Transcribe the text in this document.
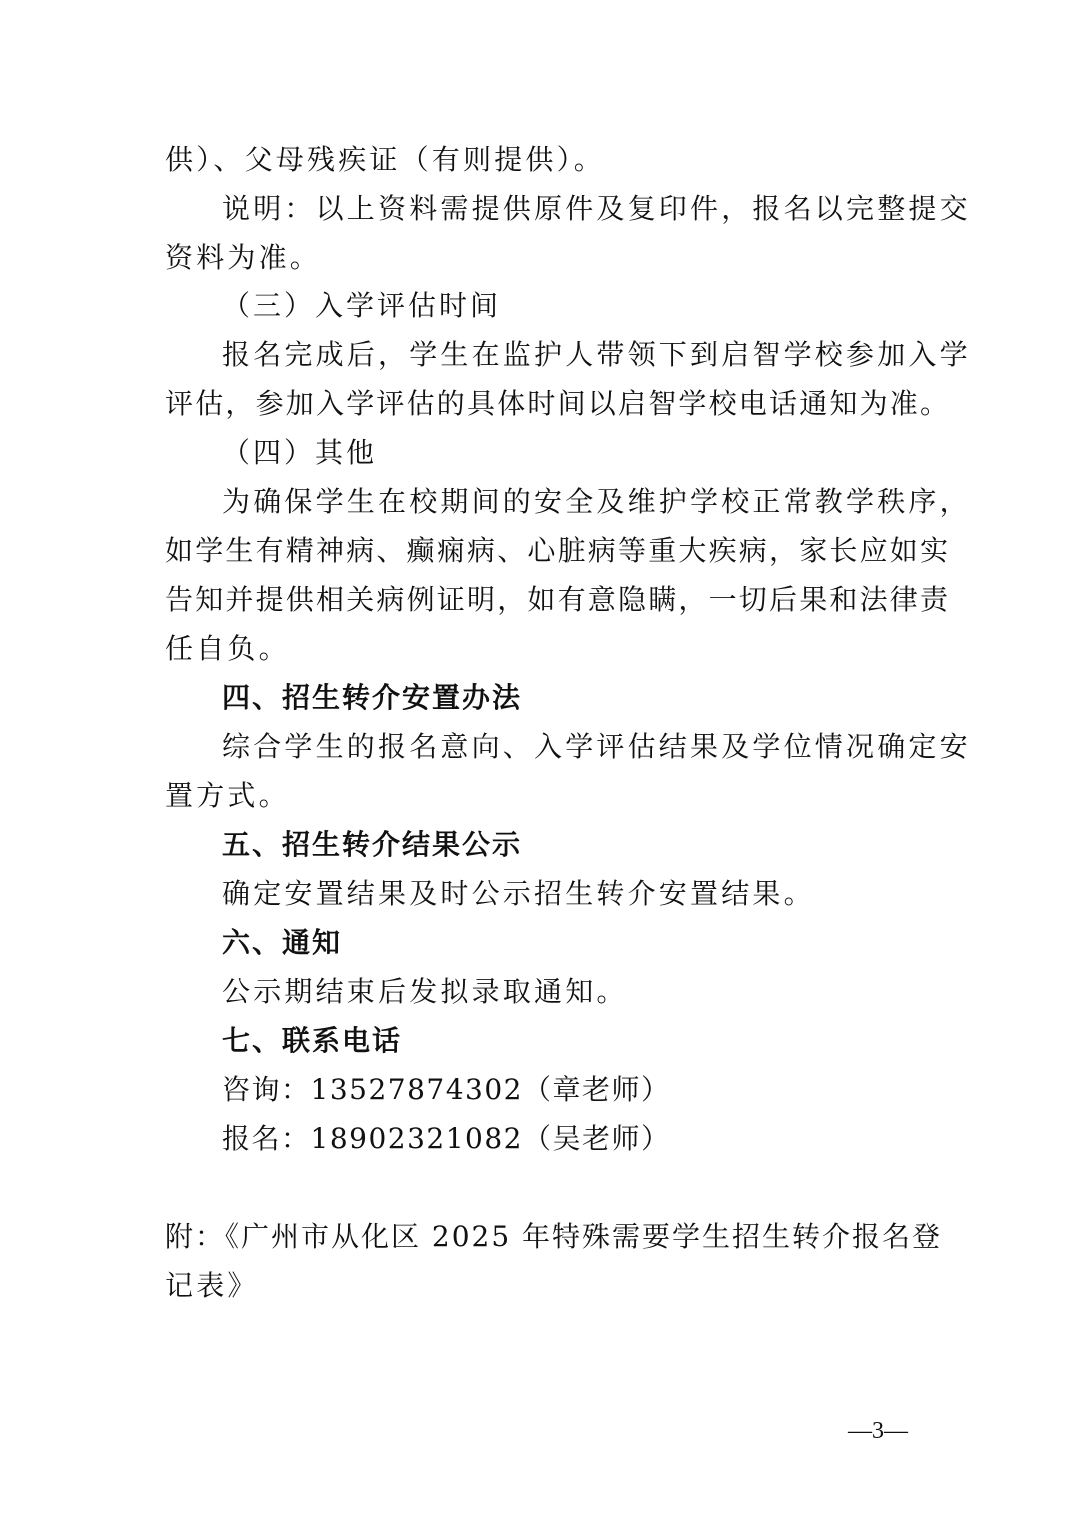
供）、父母残疾证（有则提供）。
说明：以上资料需提供原件及复印件，报名以完整提交
资料为准。
（三）入学评估时间
报名完成后，学生在监护人带领下到启智学校参加入学
评估，参加入学评估的具体时间以启智学校电话通知为准。
（四）其他
为确保学生在校期间的安全及维护学校正常教学秩序，
如学生有精神病、癫痫病、心脏病等重大疾病，家长应如实
告知并提供相关病例证明，如有意隐瞒，一切后果和法律责
任自负。
四、招生转介安置办法
综合学生的报名意向、入学评估结果及学位情况确定安
置方式。
五、招生转介结果公示
确定安置结果及时公示招生转介安置结果。
六、通知
公示期结束后发拟录取通知。
七、联系电话
咨询：13527874302（章老师）
报名：18902321082（吴老师）
附：《广州市从化区 2025 年特殊需要学生招生转介报名登
记表》
—3—
